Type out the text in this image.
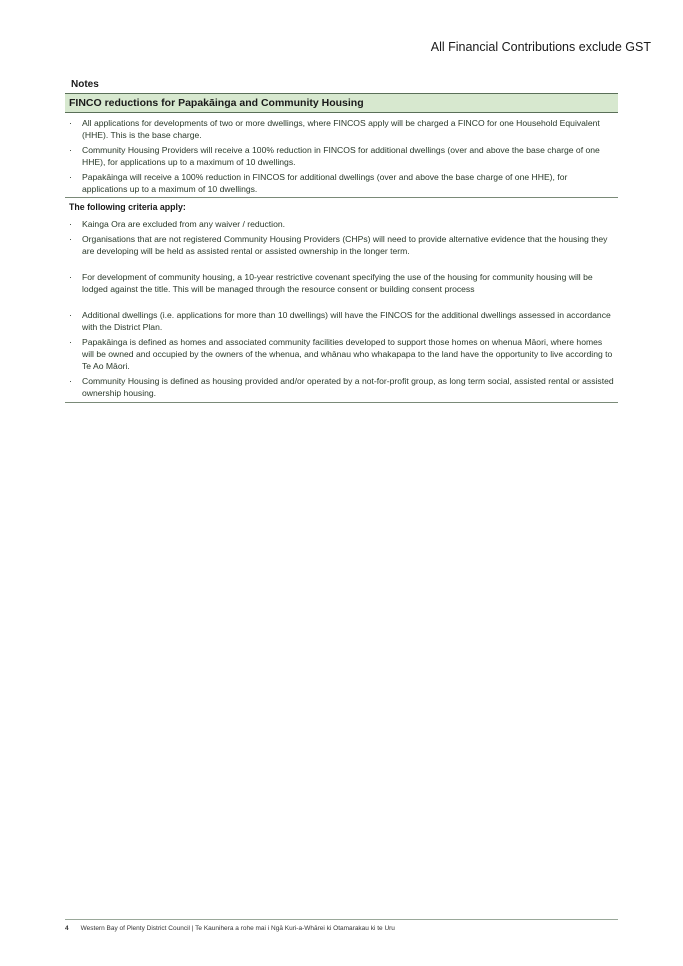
All Financial Contributions exclude GST
Notes
FINCO reductions for Papakāinga and Community Housing
· All applications for developments of two or more dwellings, where FINCOS apply will be charged a FINCO for one Household Equivalent (HHE). This is the base charge.
· Community Housing Providers will receive a 100% reduction in FINCOS for additional dwellings (over and above the base charge of one HHE), for applications up to a maximum of 10 dwellings.
· Papakāinga will receive a 100% reduction in FINCOS for additional dwellings (over and above the base charge of one HHE), for applications up to a maximum of 10 dwellings.
The following criteria apply:
· Kainga Ora are excluded from any waiver / reduction.
· Organisations that are not registered Community Housing Providers (CHPs) will need to provide alternative evidence that the housing they are developing will be held as assisted rental or assisted ownership in the longer term.
· For development of community housing, a 10-year restrictive covenant specifying the use of the housing for community housing will be lodged against the title. This will be managed through the resource consent or building consent process
· Additional dwellings (i.e. applications for more than 10 dwellings) will have the FINCOS for the additional dwellings assessed in accordance with the District Plan.
· Papakāinga is defined as homes and associated community facilities developed to support those homes on whenua Māori, where homes will be owned and occupied by the owners of the whenua, and whānau who whakapapa to the land have the opportunity to live according to Te Ao Māori.
· Community Housing is defined as housing provided and/or operated by a not-for-profit group, as long term social, assisted rental or assisted ownership housing.
4 Western Bay of Plenty District Council | Te Kaunihera a rohe mai i Ngā Kuri-a-Whārei ki Otamarakau ki te Uru
